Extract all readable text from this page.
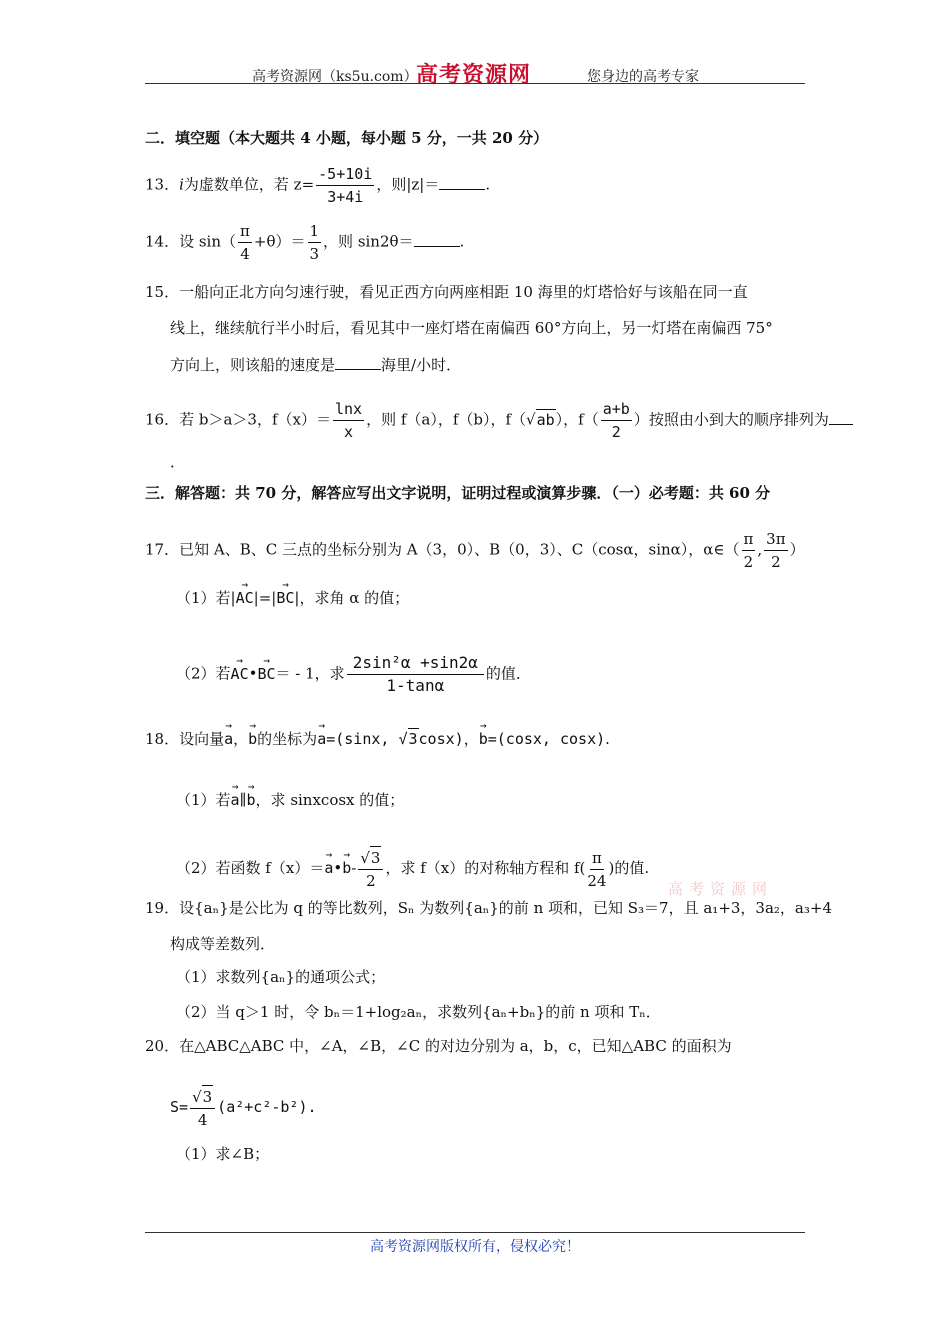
高考资源网（ks5u.com）
高考资源网	您身边的高考专家
二．填空题（本大题共 4 小题，每小题 5 分，一共 20 分）
13．i为虚数单位，若 $z= \frac{-5+10i}{3+4i}$ ，则|z|＝	.
14．设 $\sin( \frac{\pi}{4} +\theta)= \frac{1}{3}$ ，则 sin2θ＝	.
15．一船向正北方向匀速行驶，看见正西方向两座相距 10 海里的灯塔恰好与该船在同一直
线上，继续航行半小时后，看见其中一座灯塔在南偏西 60°方向上，另一灯塔在南偏西 75°
方向上，则该船的速度是	海里/小时．
16．若 b＞a＞3，$f(x)= \frac{\ln x}{x}$ ，则 f（a），f（b），f（√ab），$f( \frac{a+b}{2}$ ）按照由小到大的顺序排列为
．
三．解答题：共 70 分，解答应写出文字说明，证明过程或演算步骤．（一）必考题：共 60 分
17．已知 A、B、C 三点的坐标分别为 A（3，0）、B（0，3）、C（cosα，sinα），α∈（ $\frac{\pi}{2}$ , $\frac{3\pi}{2}$ ）
（1）若|→ AC|=|→ BC|，求角 α 的值；
（2）若→ AC•→ BC＝ - 1，求 $\frac{\text{2sin²α +sin2α}}{1-\tan\alpha}$ 的值．
18．设向量→ a，→ b的坐标为→ a=(sinx, √3cosx)，→ b=(cosx, cosx).
（1）若→ a∥→ b，求 sinxcosx 的值；
（2）若函数 f（x）＝→ a•→ $b- \frac{√3}{2}$ ，求 f（x）的对称轴方程和 $f( \frac{\pi}{24}$ )的值.
高考资源网
19．设{aₙ}是公比为 q 的等比数列，Sₙ 为数列{aₙ}的前 n 项和，已知 S₃＝7，且 a₁+3，3a₂，a₃+4
构成等差数列．
（1）求数列{aₙ}的通项公式；
（2）当 q＞1 时，令 bₙ＝1+log₂aₙ，求数列{aₙ+bₙ}的前 n 项和 Tₙ．
20．在△ABC△ABC 中，∠A，∠B，∠C 的对边分别为 a，b，c，已知△ABC 的面积为
$S= \frac{√3}{4} (a^2+c^2-b^2)$.
（1）求∠B；
高考资源网版权所有，侵权必究！
